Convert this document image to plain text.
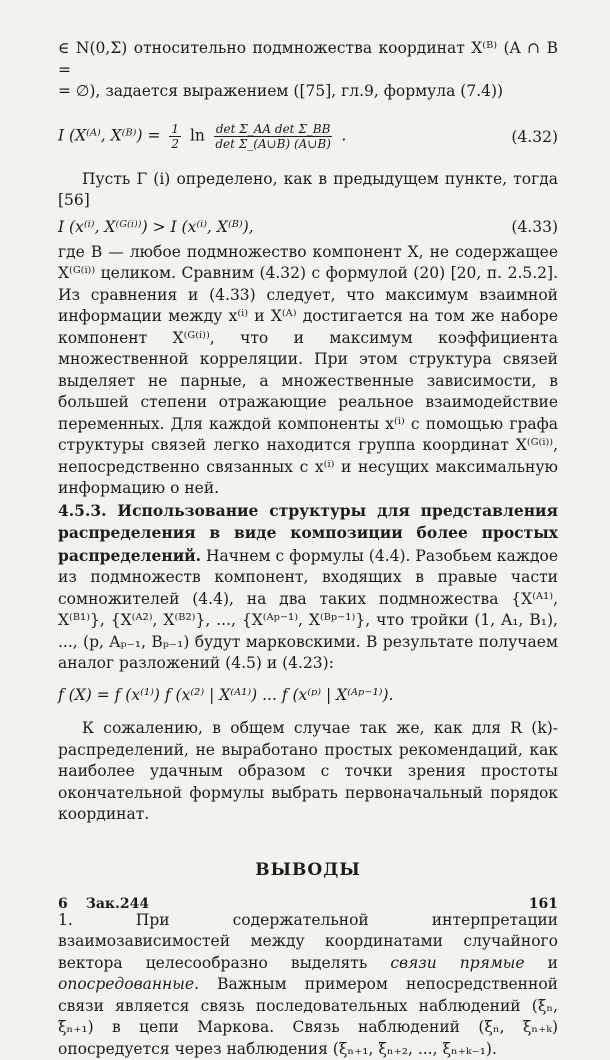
∈ N(0,Σ) относительно подмножества координат X⁽ᴮ⁾ (A ∩ B =

= ∅), задается выражением ([75], гл.9, формула (7.4))

I (X⁽ᴬ⁾, X⁽ᴮ⁾) = $\frac{1}{2}$ $\ln \frac{\text{det Σ\_AA det Σ\_BB}}{\text{det Σ\_(A∪B) (A∪B)}}$ .	(4.32)

Пусть Γ (i) определено, как в предыдущем пункте, тогда [56]

I (x⁽ⁱ⁾, X⁽ᴳ⁽ⁱ⁾⁾) > I (x⁽ⁱ⁾, X⁽ᴮ⁾),	(4.33)

где B — любое подмножество компонент X, не содержащее X⁽ᴳ⁽ⁱ⁾⁾ целиком. Сравним (4.32) с формулой (20) [20, п. 2.5.2]. Из сравнения и (4.33) следует, что максимум взаимной информации между x⁽ⁱ⁾ и X⁽ᴬ⁾ достигается на том же наборе компонент X⁽ᴳ⁽ⁱ⁾⁾, что и максимум коэффициента множественной корреляции. При этом структура связей выделяет не парные, а множественные зависимости, в большей степени отражающие реальное взаимодействие переменных. Для каждой компоненты x⁽ⁱ⁾ с помощью графа структуры связей легко находится группа координат X⁽ᴳ⁽ⁱ⁾⁾, непосредственно связанных с x⁽ⁱ⁾ и несущих максимальную информацию о ней.

4.5.3. Использование структуры для представления распределения в виде композиции более простых распределений. Начнем с формулы (4.4). Разобьем каждое из подмножеств компонент, входящих в правые части сомножителей (4.4), на два таких подмножества {X⁽ᴬ¹⁾, X⁽ᴮ¹⁾}, {X⁽ᴬ²⁾, X⁽ᴮ²⁾}, ..., {X⁽ᴬᵖ⁻¹⁾, X⁽ᴮᵖ⁻¹⁾}, что тройки (1, A₁, B₁), ..., (p, Aₚ₋₁, Bₚ₋₁) будут марковскими. В результате получаем аналог разложений (4.5) и (4.23):

f (X) = f (x⁽¹⁾) f (x⁽²⁾ | X⁽ᴬ¹⁾) ... f (x⁽ᵖ⁾ | X⁽ᴬᵖ⁻¹⁾).

К сожалению, в общем случае так же, как для R (k)-распределений, не выработано простых рекомендаций, как наиболее удачным образом с точки зрения простоты окончательной формулы выбрать первоначальный порядок координат.

ВЫВОДЫ

1. При содержательной интерпретации взаимозависимостей между координатами случайного вектора целесообразно выделять связи прямые и опосредованные. Важным примером непосредственной связи является связь последовательных наблюдений (ξₙ, ξₙ₊₁) в цепи Маркова. Связь наблюдений (ξₙ, ξₙ₊ₖ) опосредуется через наблюдения (ξₙ₊₁, ξₙ₊₂, ..., ξₙ₊ₖ₋₁).

6 Зак.244	161
